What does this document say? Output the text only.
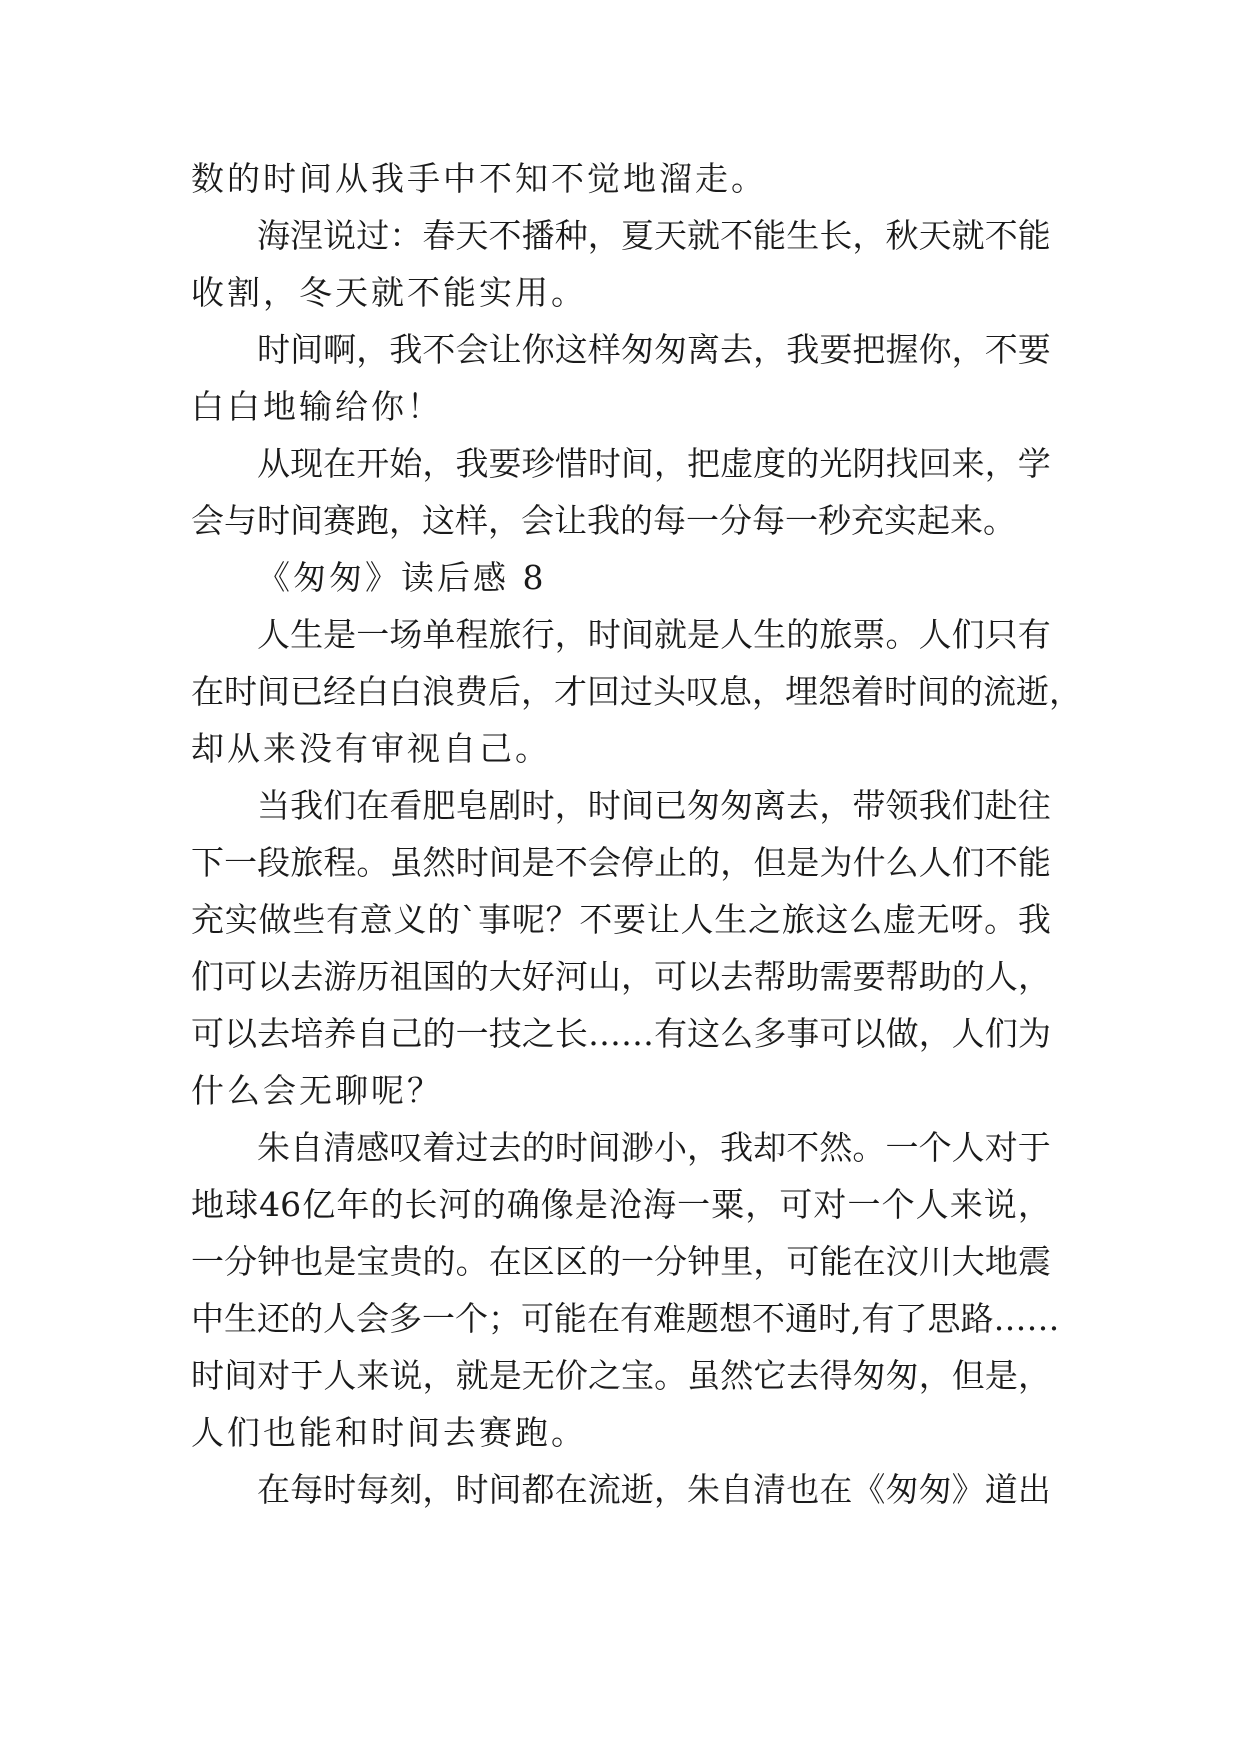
数的时间从我手中不知不觉地溜走。
海 涅 说 过 ： 春 天 不 播 种 ， 夏 天 就 不 能 生 长 ， 秋 天 就 不 能
收割，冬天就不能实用。
时 间 啊 ， 我 不 会 让 你 这 样 匆 匆 离 去 ， 我 要 把 握 你 ， 不 要
白白地输给你！
从 现 在 开 始 ， 我 要 珍 惜 时 间 ， 把 虚 度 的 光 阴 找 回 来 ， 学
会与时间赛跑，这样，会让我的每一分每一秒充实起来。
《匆匆》读后感 8
人 生 是 一 场 单 程 旅 行 ， 时 间 就 是 人 生 的 旅 票 。 人 们 只 有
在 时 间 已 经 白 白 浪 费 后 ， 才 回 过 头 叹 息 ， 埋 怨 着 时 间 的 流 逝 ，
却从来没有审视自己。
当 我 们 在 看 肥 皂 剧 时 ， 时 间 已 匆 匆 离 去 ， 带 领 我 们 赴 往
下 一 段 旅 程 。 虽 然 时 间 是 不 会 停 止 的 ， 但 是 为 什 么 人 们 不 能
充 实 做 些 有 意 义 的 ` 事 呢 ？ 不 要 让 人 生 之 旅 这 么 虚 无 呀 。 我
们 可 以 去 游 历 祖 国 的 大 好 河 山 ， 可 以 去 帮 助 需 要 帮 助 的 人 ，
可 以 去 培 养 自 己 的 一 技 之 长 … … 有 这 么 多 事 可 以 做 ， 人 们 为
什么会无聊呢？
朱 自 清 感 叹 着 过 去 的 时 间 渺 小 ， 我 却 不 然 。 一 个 人 对 于
地 球 46 亿 年 的 长 河 的 确 像 是 沧 海 一 粟 ， 可 对 一 个 人 来 说 ，
一 分 钟 也 是 宝 贵 的 。 在 区 区 的 一 分 钟 里 ， 可 能 在 汶 川 大 地 震
中 生 还 的 人 会 多 一 个 ； 可 能 在 有 难 题 想 不 通 时 , 有 了 思 路 … …
时 间 对 于 人 来 说 ， 就 是 无 价 之 宝 。 虽 然 它 去 得 匆 匆 ， 但 是 ，
人们也能和时间去赛跑。
在 每 时 每 刻 ， 时 间 都 在 流 逝 ， 朱 自 清 也 在 《 匆 匆 》 道 出
